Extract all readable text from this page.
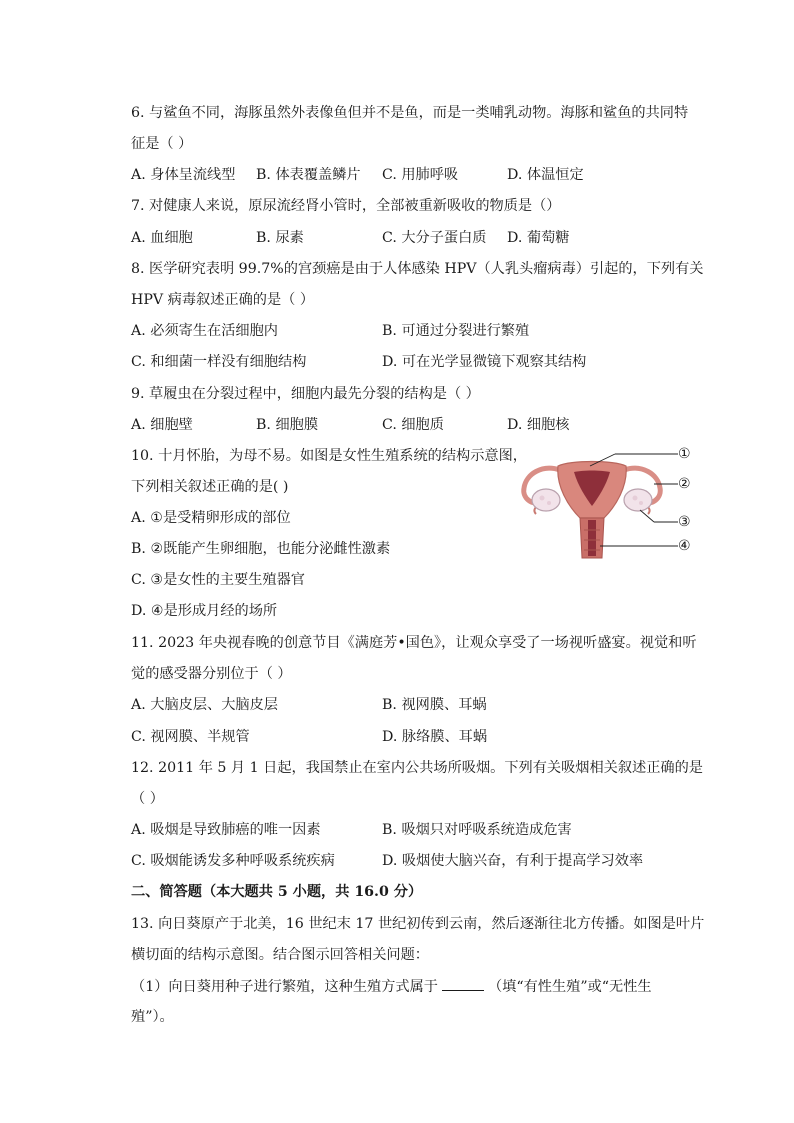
6. 与鲨鱼不同，海豚虽然外表像鱼但并不是鱼，而是一类哺乳动物。海豚和鲨鱼的共同特
征是（ ）
A. 身体呈流线型 B. 体表覆盖鳞片 C. 用肺呼吸	D. 体温恒定
7. 对健康人来说，原尿流经肾小管时，全部被重新吸收的物质是（）
A. 血细胞	B. 尿素	C. 大分子蛋白质 D. 葡萄糖
8. 医学研究表明 99.7%的宫颈癌是由于人体感染 HPV（人乳头瘤病毒）引起的，下列有关
HPV 病毒叙述正确的是（ ）
A. 必须寄生在活细胞内	B. 可通过分裂进行繁殖
C. 和细菌一样没有细胞结构	D. 可在光学显微镜下观察其结构
9. 草履虫在分裂过程中，细胞内最先分裂的结构是（ ）
A. 细胞壁	B. 细胞膜	C. 细胞质	D. 细胞核
10. 十月怀胎，为母不易。如图是女性生殖系统的结构示意图，
下列相关叙述正确的是( )
A. ①是受精卵形成的部位
B. ②既能产生卵细胞，也能分泌雌性激素
C. ③是女性的主要生殖器官
D. ④是形成月经的场所
①
②
③
④
11. 2023 年央视春晚的创意节目《满庭芳•国色》，让观众享受了一场视听盛宴。视觉和听
觉的感受器分别位于（ ）
A. 大脑皮层、大脑皮层	B. 视网膜、耳蜗
C. 视网膜、半规管	D. 脉络膜、耳蜗
12. 2011 年 5 月 1 日起，我国禁止在室内公共场所吸烟。下列有关吸烟相关叙述正确的是
（ ）
A. 吸烟是导致肺癌的唯一因素	B. 吸烟只对呼吸系统造成危害
C. 吸烟能诱发多种呼吸系统疾病	D. 吸烟使大脑兴奋，有利于提高学习效率
二、简答题（本大题共 5 小题，共 16.0 分）
13. 向日葵原产于北美，16 世纪末 17 世纪初传到云南，然后逐渐往北方传播。如图是叶片
横切面的结构示意图。结合图示回答相关问题：
（1）向日葵用种子进行繁殖，这种生殖方式属于	（填“有性生殖”或“无性生
殖”）。
